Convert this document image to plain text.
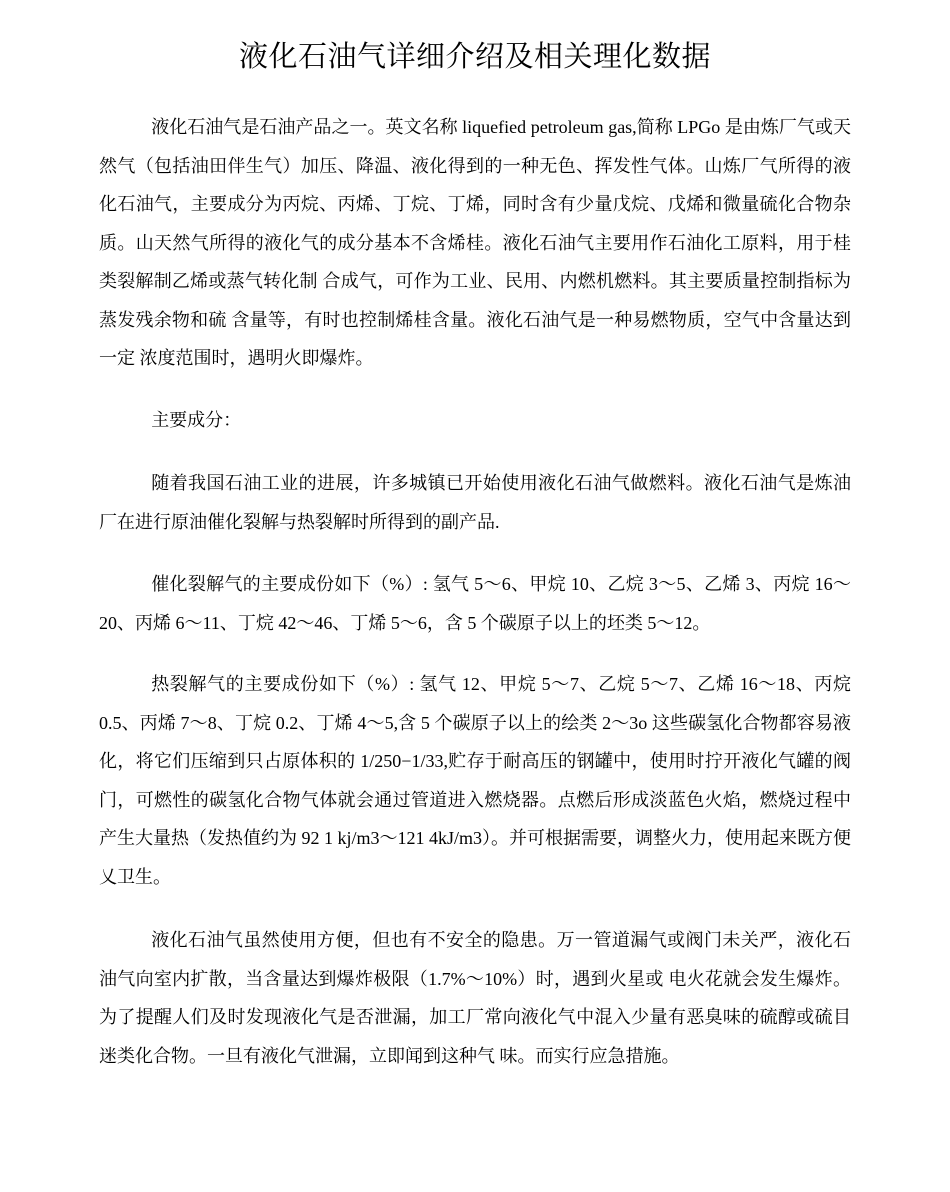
液化石油气详细介绍及相关理化数据

液化石油气是石油产品之一。英文名称 liquefied petroleum gas,简称 LPGo 是由炼厂气或天然气（包括油田伴生气）加压、降温、液化得到的一种无色、挥发性气体。山炼厂气所得的液化石油气，主要成分为丙烷、丙烯、丁烷、丁烯，同时含有少量戊烷、戊烯和微量硫化合物杂质。山天然气所得的液化气的成分基本不含烯桂。液化石油气主要用作石油化工原料，用于桂类裂解制乙烯或蒸气转化制 合成气，可作为工业、民用、内燃机燃料。其主要质量控制指标为蒸发残余物和硫 含量等，有时也控制烯桂含量。液化石油气是一种易燃物质，空气中含量达到一定 浓度范围时，遇明火即爆炸。

主要成分：

随着我国石油工业的进展，许多城镇已开始使用液化石油气做燃料。液化石油气是炼油厂在进行原油催化裂解与热裂解时所得到的副产品.

催化裂解气的主要成份如下（%）: 氢气 5〜6、甲烷 10、乙烷 3〜5、乙烯 3、丙烷 16〜20、丙烯 6〜11、丁烷 42〜46、丁烯 5〜6，含 5 个碳原子以上的坯类 5〜12。

热裂解气的主要成份如下（%）: 氢气 12、甲烷 5〜7、乙烷 5〜7、乙烯 16〜18、丙烷 0.5、丙烯 7〜8、丁烷 0.2、丁烯 4〜5,含 5 个碳原子以上的绘类 2〜3o 这些碳氢化合物都容易液化，将它们压缩到只占原体积的 1/250−1/33,贮存于耐高压的钢罐中，使用时拧开液化气罐的阀门，可燃性的碳氢化合物气体就会通过管道进入燃烧器。点燃后形成淡蓝色火焰，燃烧过程中产生大量热（发热值约为 92 1 kj/m3〜121 4kJ/m3）。并可根据需要，调整火力，使用起来既方便乂卫生。

液化石油气虽然使用方便，但也有不安全的隐患。万一管道漏气或阀门未关严，液化石油气向室内扩散，当含量达到爆炸极限（1.7%〜10%）时，遇到火星或 电火花就会发生爆炸。为了提醒人们及时发现液化气是否泄漏，加工厂常向液化气中混入少量有恶臭味的硫醇或硫目迷类化合物。一旦有液化气泄漏，立即闻到这种气 味。而实行应急措施。
